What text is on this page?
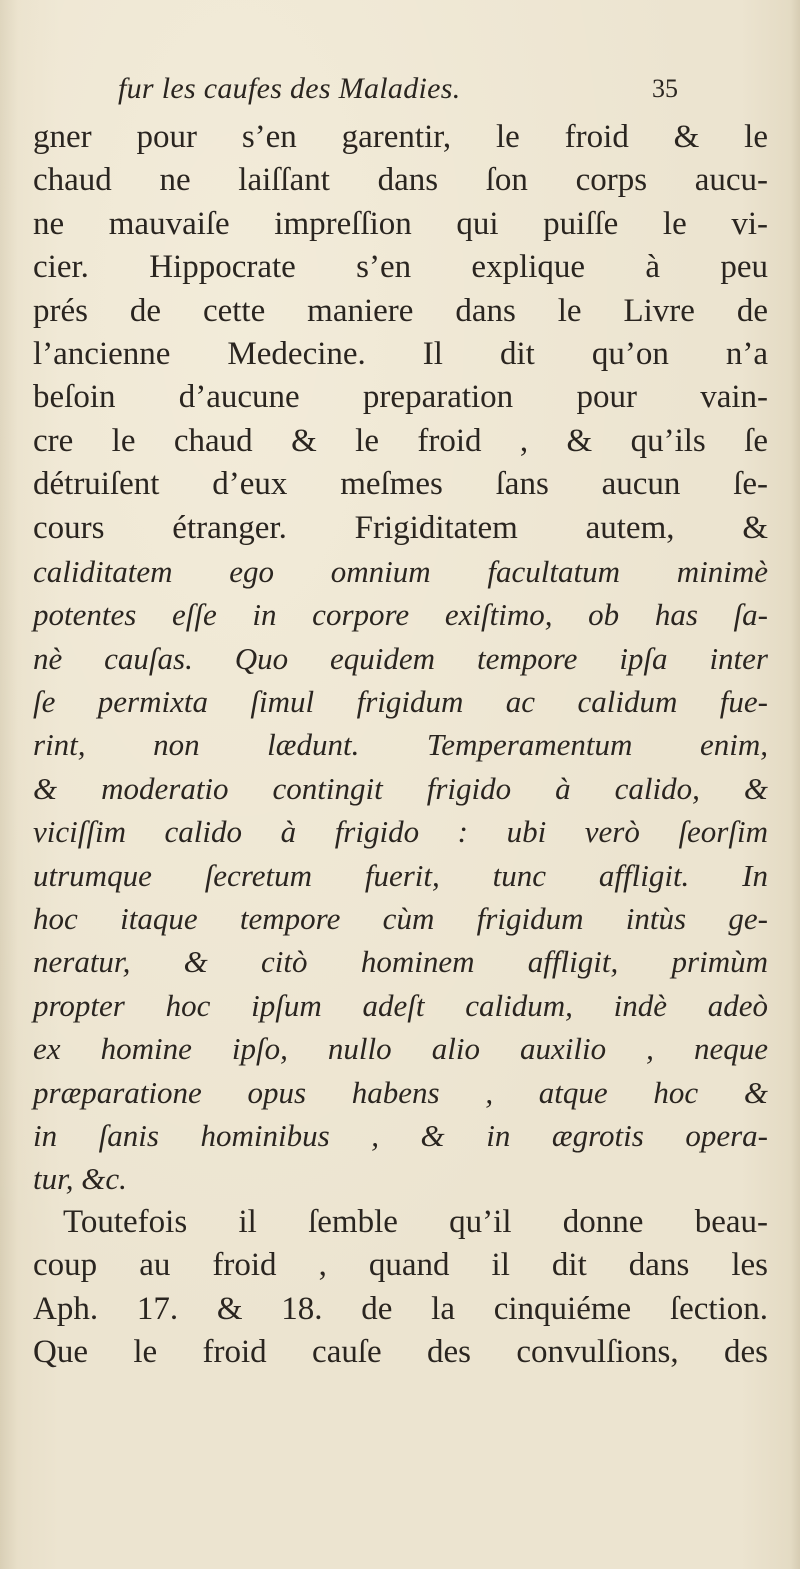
fur les caufes des Maladies.	35
gner pour s’en garentir, le froid & le
chaud ne laiſſant dans ſon corps aucu-
ne mauvaiſe impreſſion qui puiſſe le vi-
cier. Hippocrate s’en explique à peu
prés de cette maniere dans le Livre de
l’ancienne Medecine. Il dit qu’on n’a
beſoin d’aucune preparation pour vain-
cre le chaud & le froid , & qu’ils ſe
détruiſent d’eux meſmes ſans aucun ſe-
cours étranger. Frigiditatem autem, &
caliditatem ego omnium facultatum minimè
potentes eſſe in corpore exiſtimo, ob has ſa-
nè cauſas. Quo equidem tempore ipſa inter
ſe permixta ſimul frigidum ac calidum fue-
rint, non lædunt. Temperamentum enim,
& moderatio contingit frigido à calido, &
viciſſim calido à frigido : ubi verò ſeorſim
utrumque ſecretum fuerit, tunc affligit. In
hoc itaque tempore cùm frigidum intùs ge-
neratur, & citò hominem affligit, primùm
propter hoc ipſum adeſt calidum, indè adeò
ex homine ipſo, nullo alio auxilio , neque
præparatione opus habens , atque hoc &
in ſanis hominibus , & in ægrotis opera-
tur, &c.
Toutefois il ſemble qu’il donne beau-
coup au froid , quand il dit dans les
Aph. 17. & 18. de la cinquiéme ſection.
Que le froid cauſe des convulſions, des
